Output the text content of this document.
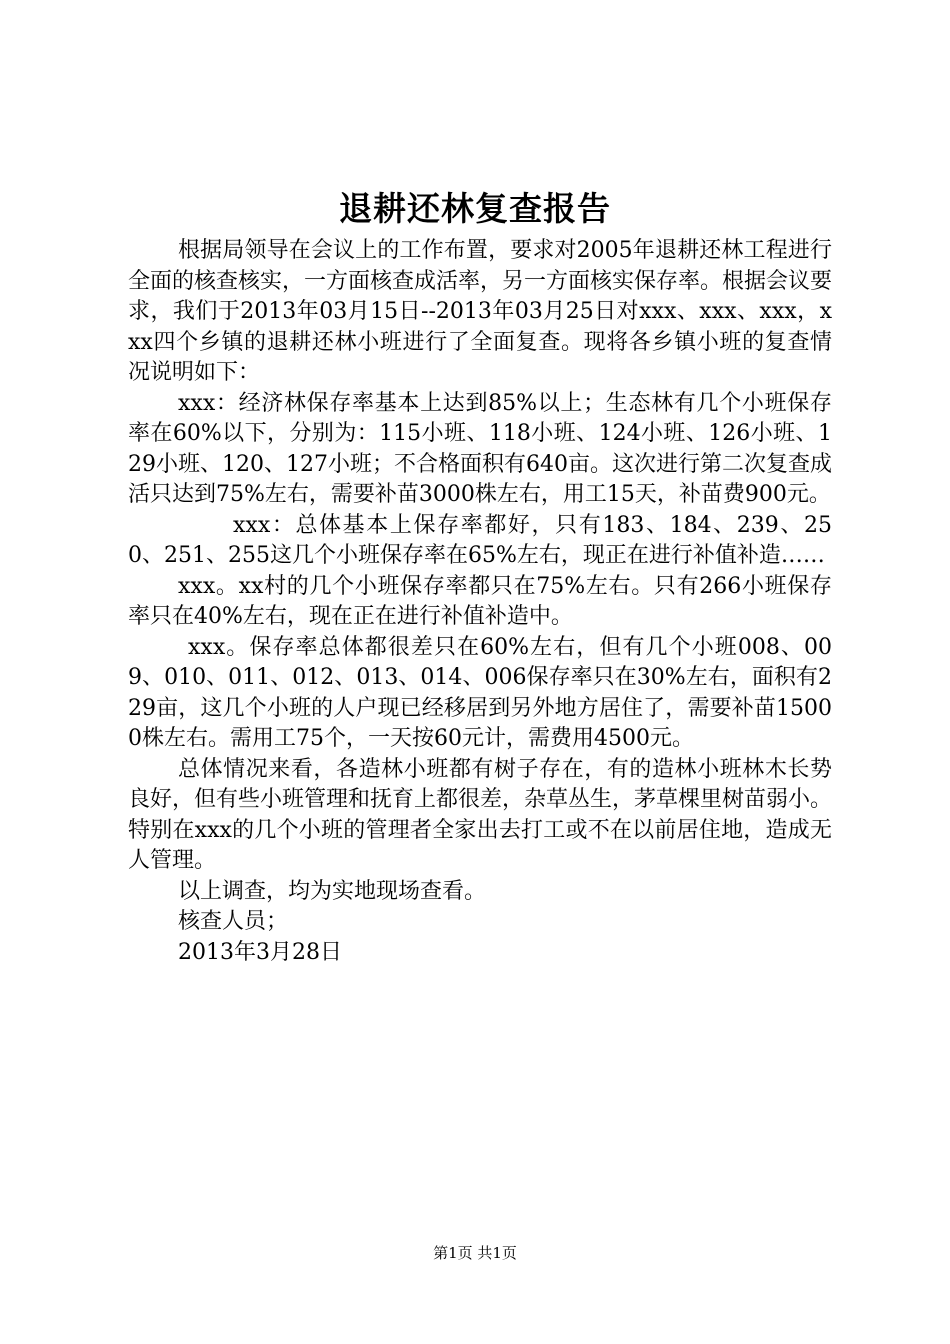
退耕还林复查报告

根据局领导在会议上的工作布置，要求对2005年退耕还林工程进行全面的核查核实，一方面核查成活率，另一方面核实保存率。根据会议要求，我们于2013年03月15日--2013年03月25日对xxx、xxx、xxx，xxx四个乡镇的退耕还林小班进行了全面复查。现将各乡镇小班的复查情况说明如下：

xxx：经济林保存率基本上达到85%以上；生态林有几个小班保存率在60%以下，分别为：115小班、118小班、124小班、126小班、129小班、120、127小班；不合格面积有640亩。这次进行第二次复查成活只达到75%左右，需要补苗3000株左右，用工15天，补苗费900元。

xxx：总体基本上保存率都好，只有183、184、239、250、251、255这几个小班保存率在65%左右，现正在进行补值补造……

xxx。xx村的几个小班保存率都只在75%左右。只有266小班保存率只在40%左右，现在正在进行补值补造中。

xxx。保存率总体都很差只在60%左右，但有几个小班008、009、010、011、012、013、014、006保存率只在30%左右，面积有229亩，这几个小班的人户现已经移居到另外地方居住了，需要补苗15000株左右。需用工75个，一天按60元计，需费用4500元。

总体情况来看，各造林小班都有树子存在，有的造林小班林木长势良好，但有些小班管理和抚育上都很差，杂草丛生，茅草棵里树苗弱小。特别在xxx的几个小班的管理者全家出去打工或不在以前居住地，造成无人管理。

以上调查，均为实地现场查看。

核查人员；

2013年3月28日

第1页 共1页
